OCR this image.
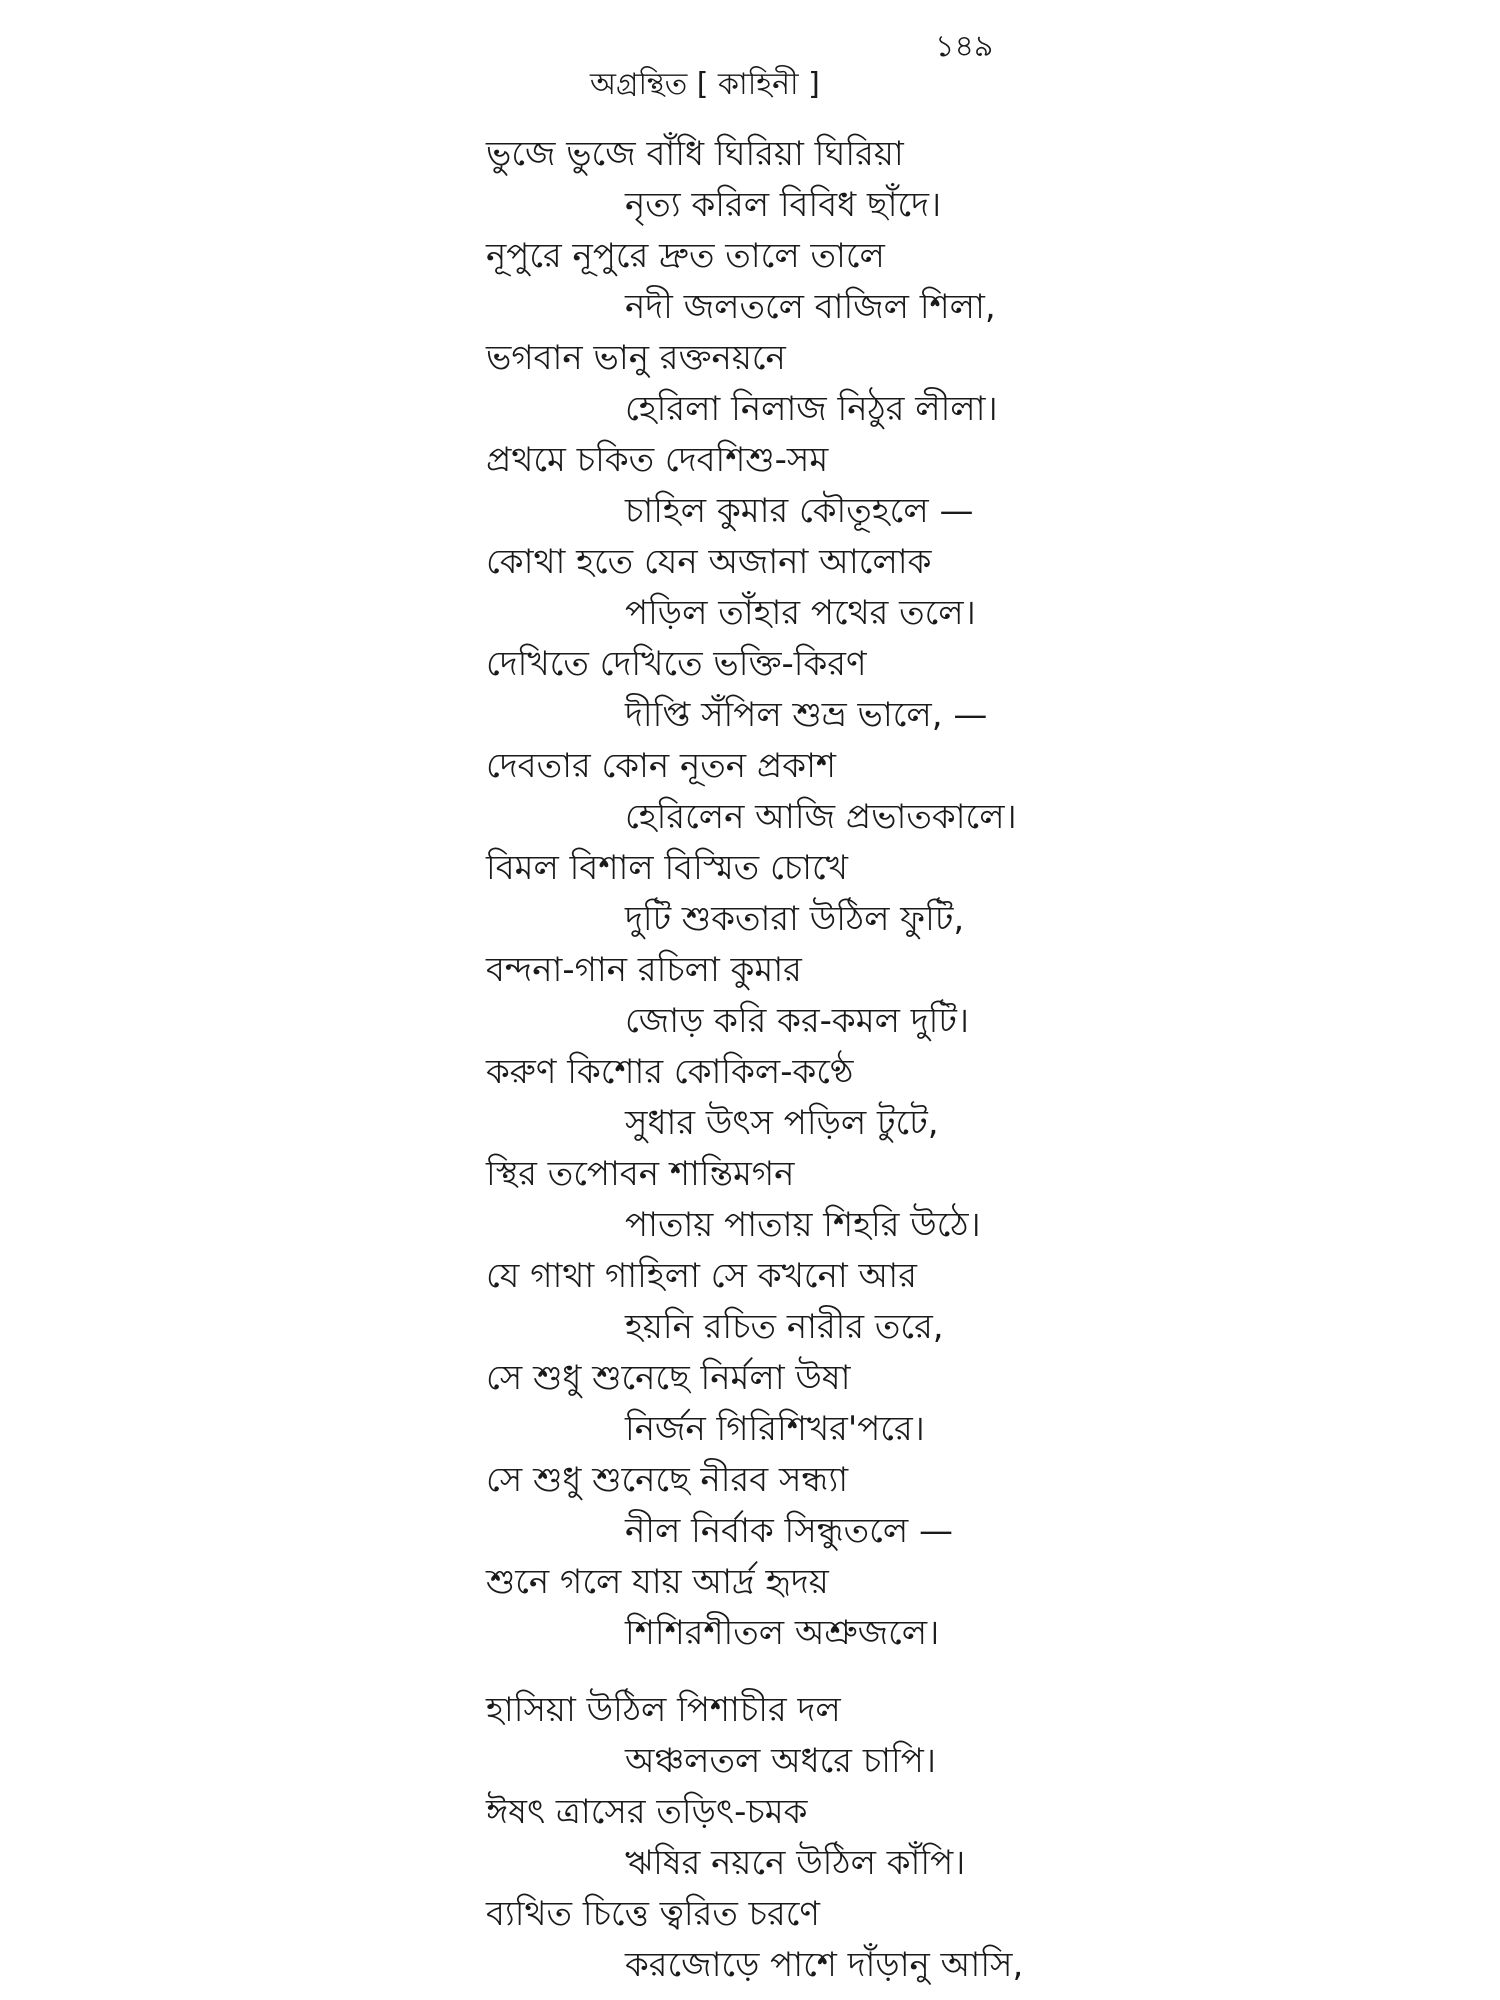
১৪৯
অগ্রন্থিত [ কাহিনী ]
ভুজে ভুজে বাঁধি ঘিরিয়া ঘিরিয়া
নৃত্য করিল বিবিধ ছাঁদে।
নূপুরে নূপুরে দ্রুত তালে তালে
নদী জলতলে বাজিল শিলা,
ভগবান ভানু রক্তনয়নে
হেরিলা নিলাজ নিঠুর লীলা।
প্রথমে চকিত দেবশিশু-সম
চাহিল কুমার কৌতূহলে —
কোথা হতে যেন অজানা আলোক
পড়িল তাঁহার পথের তলে।
দেখিতে দেখিতে ভক্তি-কিরণ
দীপ্তি সঁপিল শুভ্র ভালে, —
দেবতার কোন নূতন প্রকাশ
হেরিলেন আজি প্রভাতকালে।
বিমল বিশাল বিস্মিত চোখে
দুটি শুকতারা উঠিল ফুটি,
বন্দনা-গান রচিলা কুমার
জোড় করি কর-কমল দুটি।
করুণ কিশোর কোকিল-কণ্ঠে
সুধার উৎস পড়িল টুটে,
স্থির তপোবন শান্তিমগন
পাতায় পাতায় শিহরি উঠে।
যে গাথা গাহিলা সে কখনো আর
হয়নি রচিত নারীর তরে,
সে শুধু শুনেছে নির্মলা উষা
নির্জন গিরিশিখর'পরে।
সে শুধু শুনেছে নীরব সন্ধ্যা
নীল নির্বাক সিন্ধুতলে —
শুনে গলে যায় আর্দ্র হৃদয়
শিশিরশীতল অশ্রুজলে।
হাসিয়া উঠিল পিশাচীর দল
অঞ্চলতল অধরে চাপি।
ঈষৎ ত্রাসের তড়িৎ-চমক
ঋষির নয়নে উঠিল কাঁপি।
ব্যথিত চিত্তে ত্বরিত চরণে
করজোড়ে পাশে দাঁড়ানু আসি,
